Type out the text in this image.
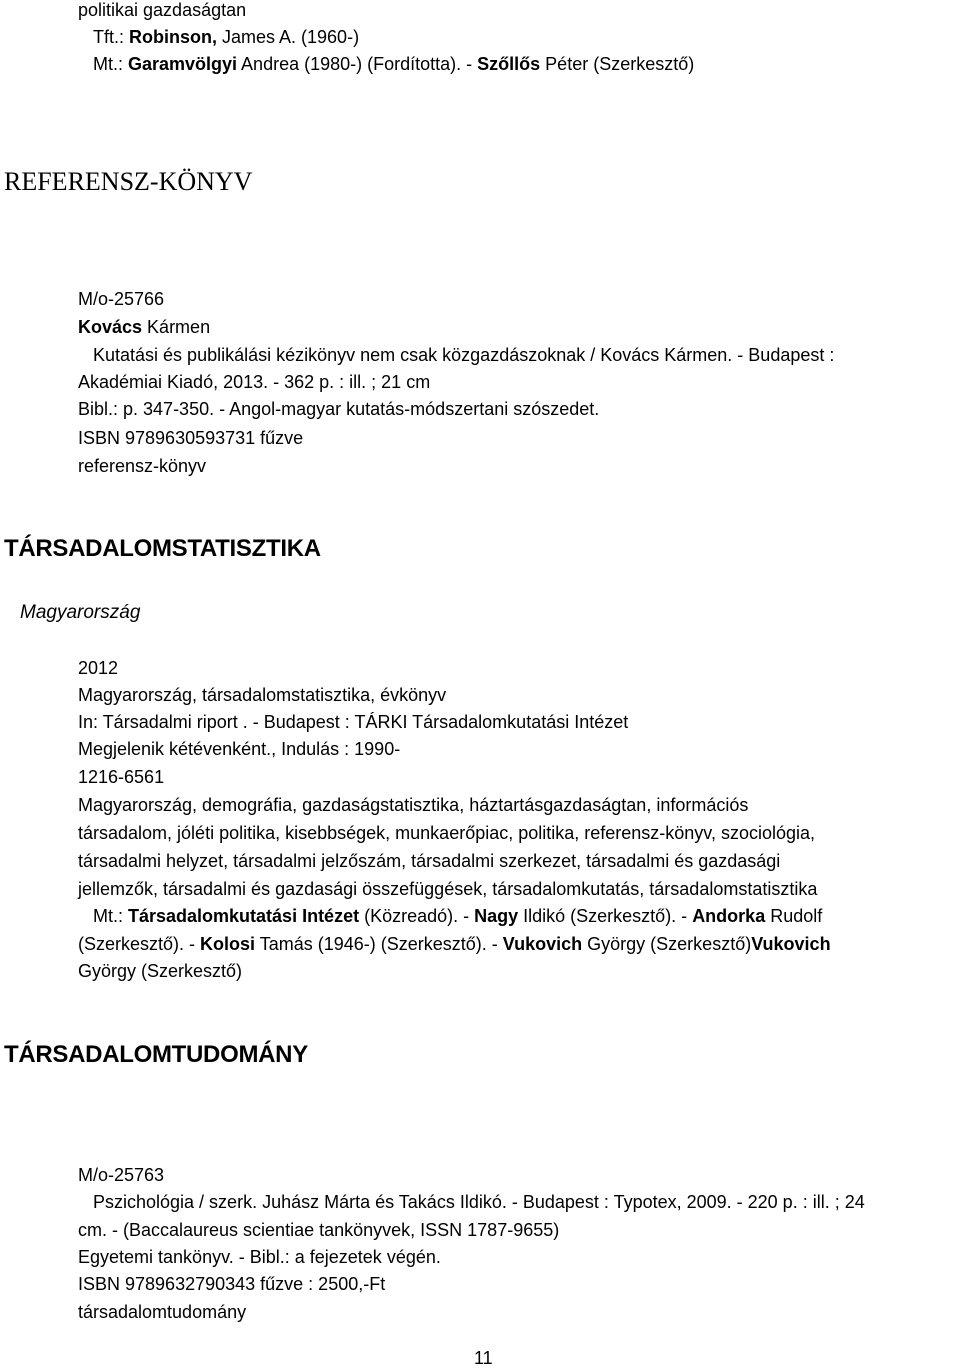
politikai gazdaságtan
Tft.: Robinson, James A. (1960-)
Mt.: Garamvölgyi Andrea (1980-) (Fordította). - Szőllős Péter (Szerkesztő)
REFERENSZ-KÖNYV
M/o-25766
Kovács Kármen
Kutatási és publikálási kézikönyv nem csak közgazdászoknak / Kovács Kármen. - Budapest :
Akadémiai Kiadó, 2013. - 362 p. : ill. ; 21 cm
Bibl.: p. 347-350. - Angol-magyar kutatás-módszertani szószedet.
ISBN 9789630593731 fűzve
referensz-könyv
TÁRSADALOMSTATISZTIKA
Magyarország
2012
Magyarország, társadalomstatisztika, évkönyv
In: Társadalmi riport . - Budapest : TÁRKI Társadalomkutatási Intézet
Megjelenik kétévenként., Indulás : 1990-
1216-6561
Magyarország, demográfia, gazdaságstatisztika, háztartásgazdaságtan, információs
társadalom, jóléti politika, kisebbségek, munkaerőpiac, politika, referensz-könyv, szociológia,
társadalmi helyzet, társadalmi jelzőszám, társadalmi szerkezet, társadalmi és gazdasági
jellemzők, társadalmi és gazdasági összefüggések, társadalomkutatás, társadalomstatisztika
Mt.: Társadalomkutatási Intézet (Közreadó). - Nagy Ildikó (Szerkesztő). - Andorka Rudolf
(Szerkesztő). - Kolosi Tamás (1946-) (Szerkesztő). - Vukovich György (Szerkesztő)Vukovich
György (Szerkesztő)
TÁRSADALOMTUDOMÁNY
M/o-25763
Pszichológia / szerk. Juhász Márta és Takács Ildikó. - Budapest : Typotex, 2009. - 220 p. : ill. ; 24
cm. - (Baccalaureus scientiae tankönyvek, ISSN 1787-9655)
Egyetemi tankönyv. - Bibl.: a fejezetek végén.
ISBN 9789632790343 fűzve : 2500,-Ft
társadalomtudomány
11
